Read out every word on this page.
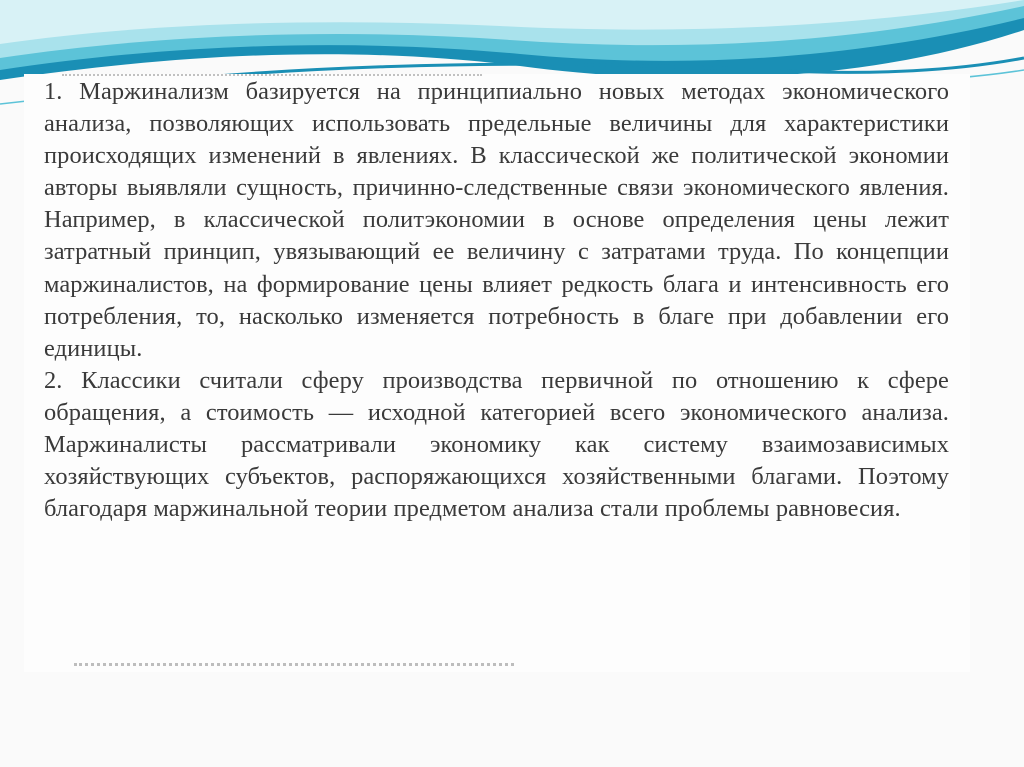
1. Маржинализм базируется на принципиально новых методах экономического анализа, позволяющих использовать предельные величины для характеристики происходящих изменений в явлениях. В классической же политической экономии авторы выявляли сущность, причинно-следственные связи экономического явления. Например, в классической политэкономии в основе определения цены лежит затратный принцип, увязывающий ее величину с затратами труда. По концепции маржиналистов, на формирование цены влияет редкость блага и интенсивность его потребления, то, насколько изменяется потребность в благе при добавлении его единицы.
2. Классики считали сферу производства первичной по отношению к сфере обращения, а стоимость — исходной категорией всего экономического анализа. Маржиналисты рассматривали экономику как систему взаимозависимых хозяйствующих субъектов, распоряжающихся хозяйственными благами. Поэтому благодаря маржинальной теории предметом анализа стали проблемы равновесия.
